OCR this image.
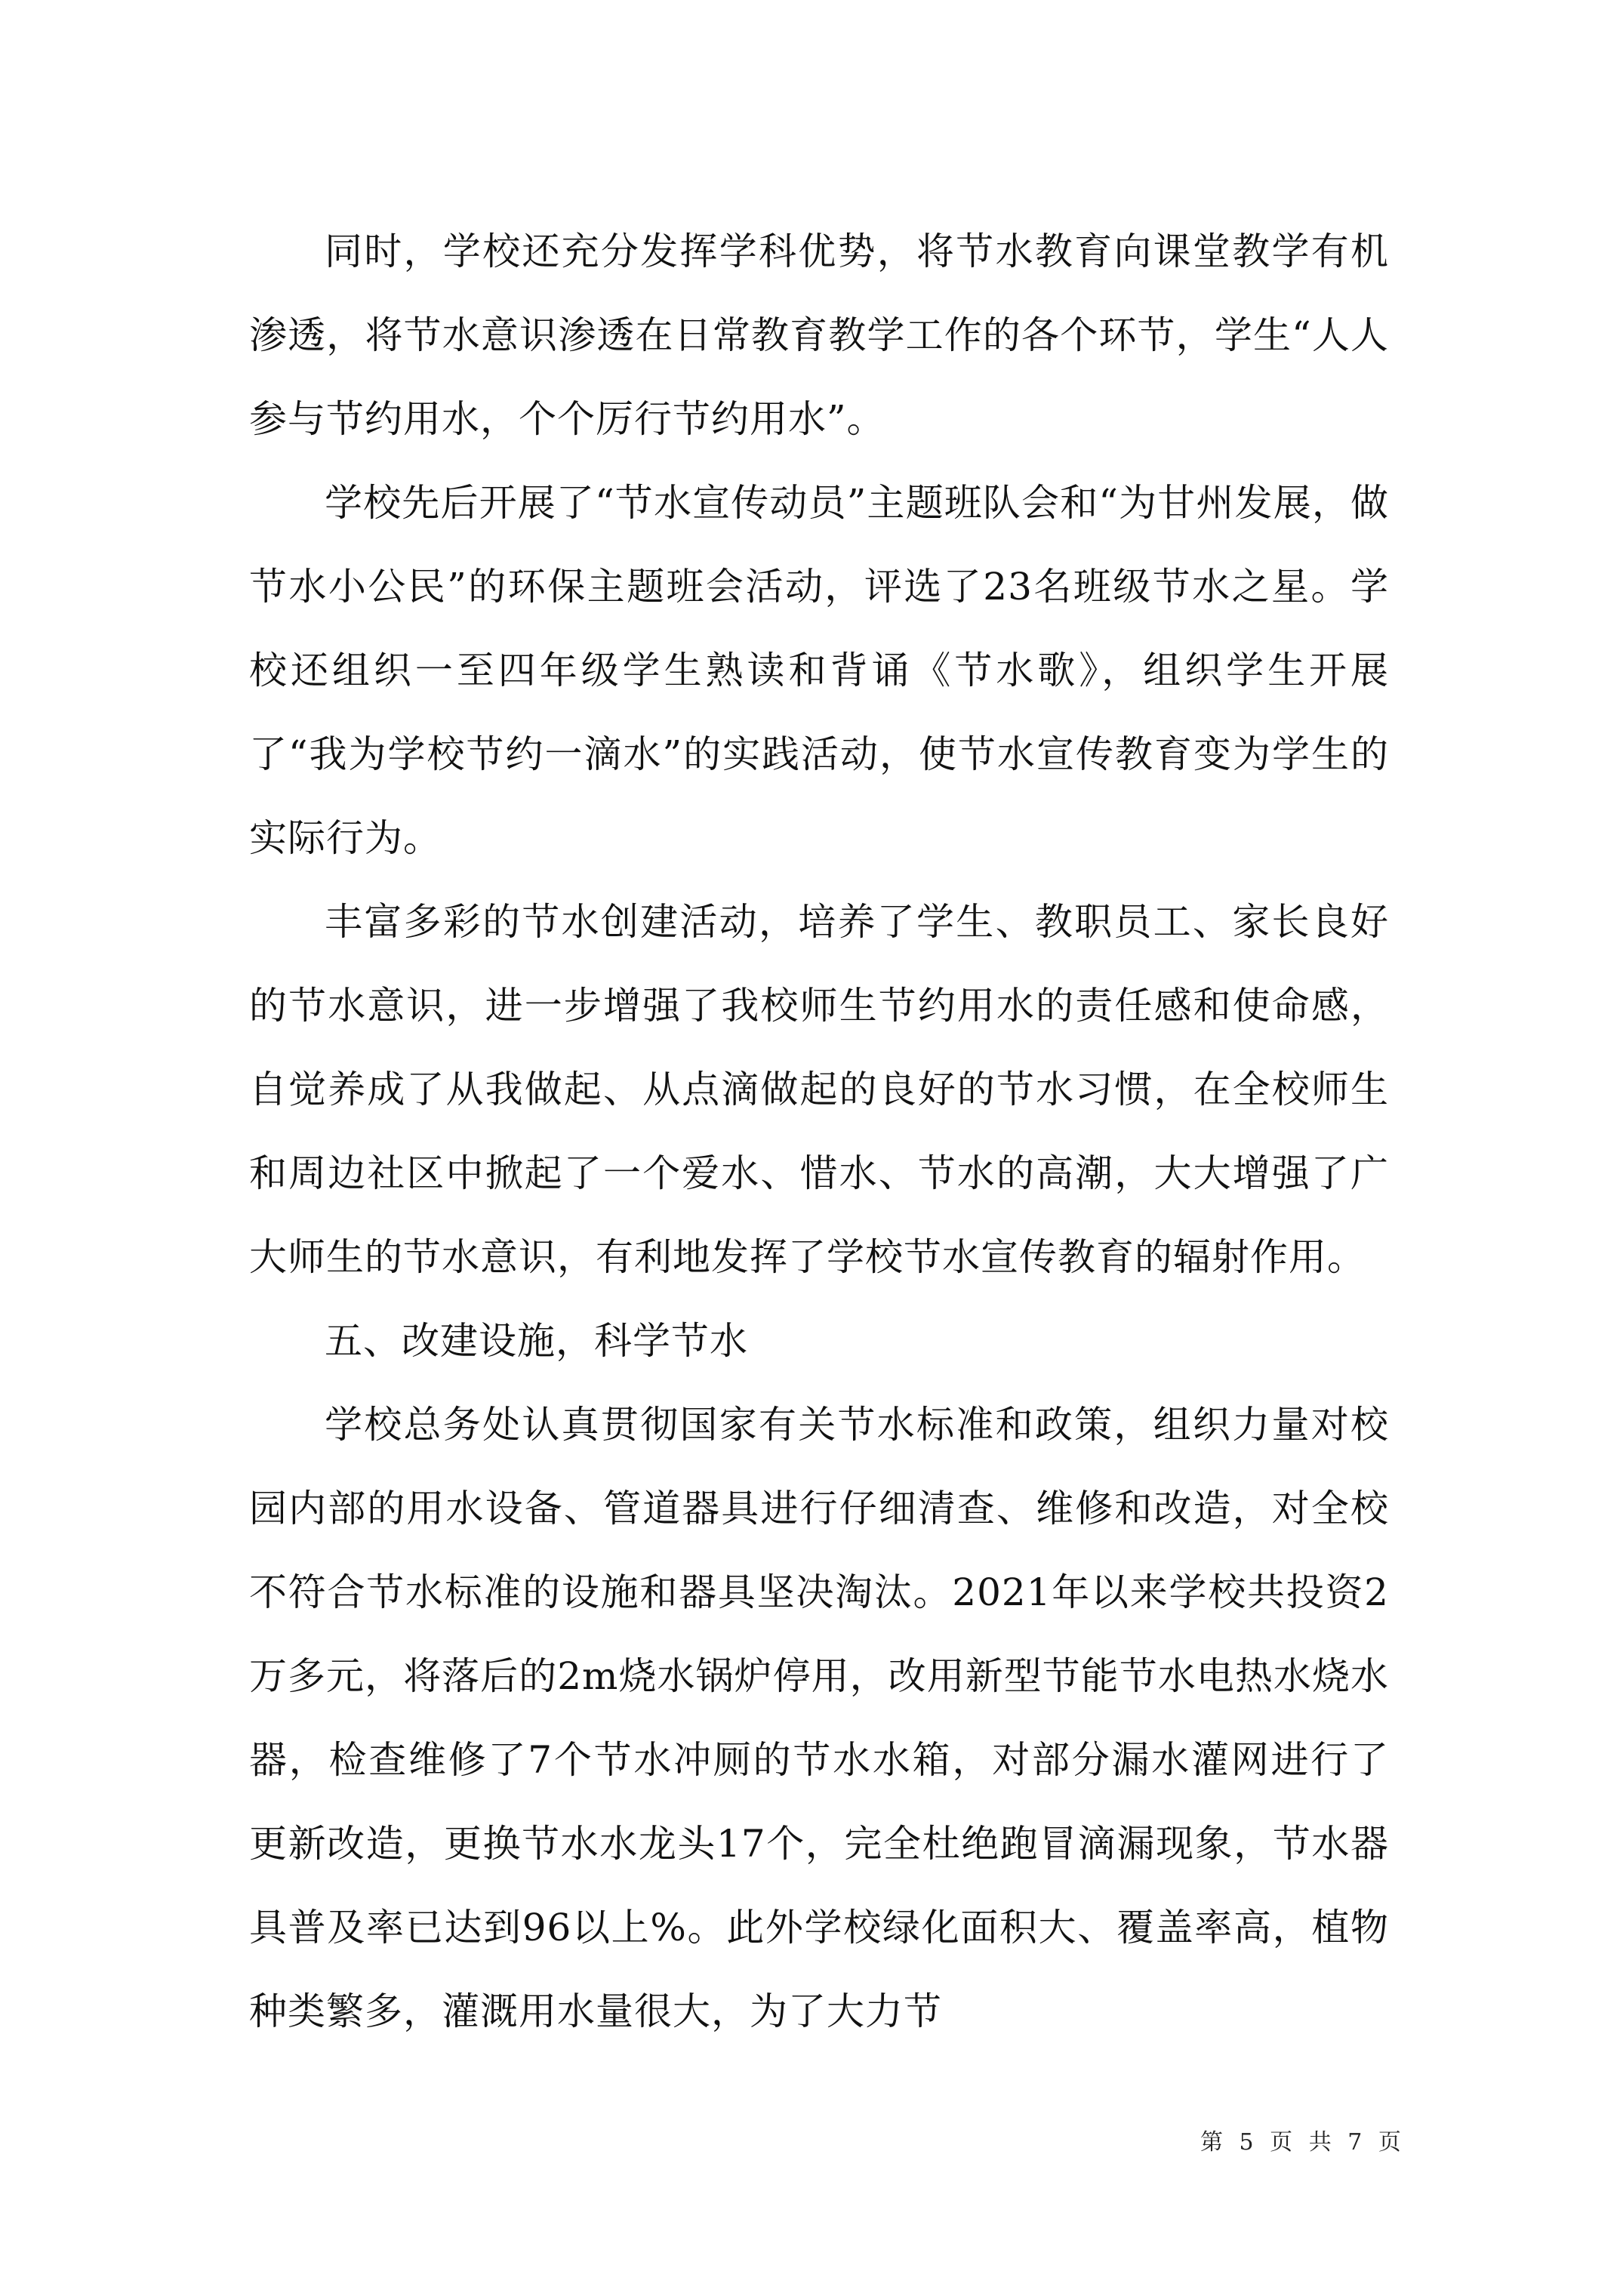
同时，学校还充分发挥学科优势，将节水教育向课堂教学有机渗透，将节水意识渗透在日常教育教学工作的各个环节，学生“人人参与节约用水，个个厉行节约用水”。

学校先后开展了“节水宣传动员”主题班队会和“为甘州发展，做节水小公民”的环保主题班会活动，评选了23名班级节水之星。学校还组织一至四年级学生熟读和背诵《节水歌》，组织学生开展了“我为学校节约一滴水”的实践活动，使节水宣传教育变为学生的实际行为。

丰富多彩的节水创建活动，培养了学生、教职员工、家长良好的节水意识，进一步增强了我校师生节约用水的责任感和使命感，自觉养成了从我做起、从点滴做起的良好的节水习惯，在全校师生和周边社区中掀起了一个爱水、惜水、节水的高潮，大大增强了广大师生的节水意识，有利地发挥了学校节水宣传教育的辐射作用。

五、改建设施，科学节水

学校总务处认真贯彻国家有关节水标准和政策，组织力量对校园内部的用水设备、管道器具进行仔细清查、维修和改造，对全校不符合节水标准的设施和器具坚决淘汰。2021年以来学校共投资2万多元，将落后的2m烧水锅炉停用，改用新型节能节水电热水烧水器，检查维修了7个节水冲厕的节水水箱，对部分漏水灌网进行了更新改造，更换节水水龙头17个，完全杜绝跑冒滴漏现象，节水器具普及率已达到96以上%。此外学校绿化面积大、覆盖率高，植物种类繁多，灌溉用水量很大，为了大力节

第 5 页 共 7 页
